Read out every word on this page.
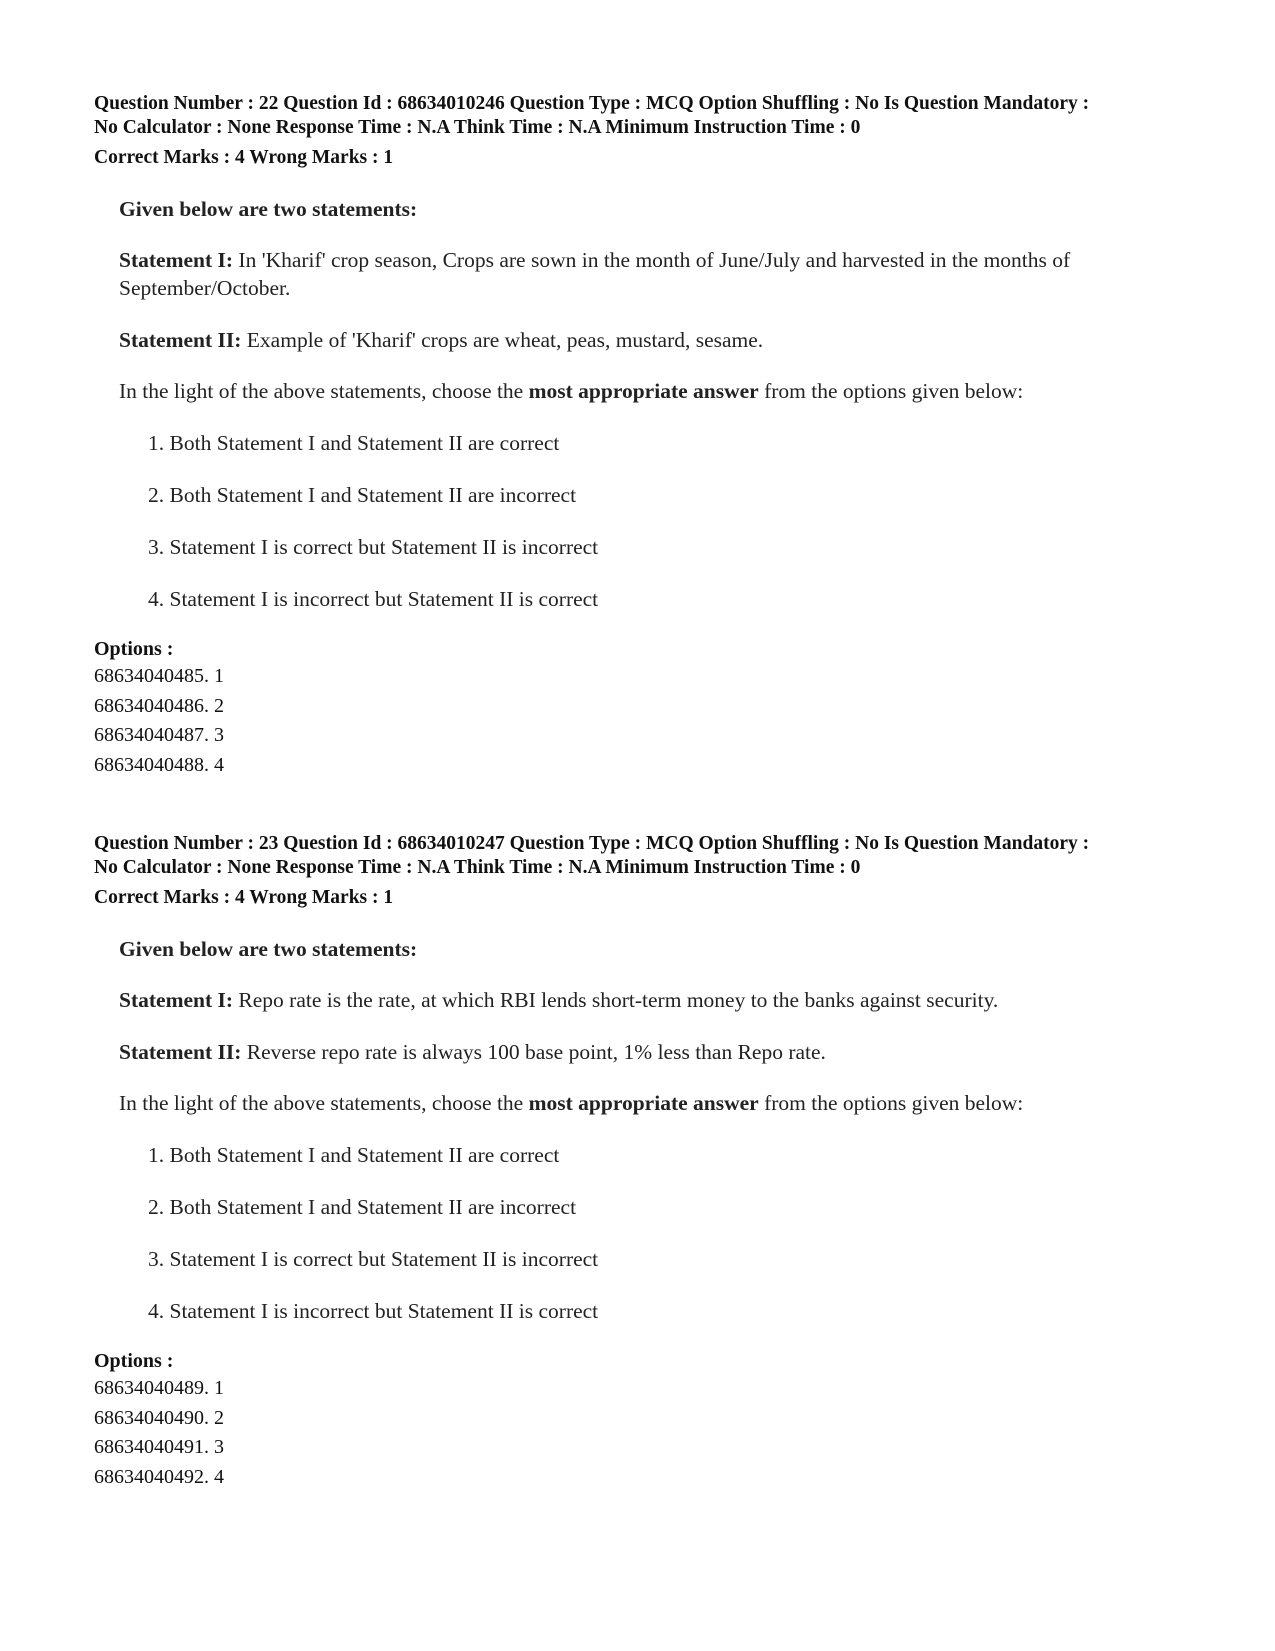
Question Number : 22 Question Id : 68634010246 Question Type : MCQ Option Shuffling : No Is Question Mandatory :
No Calculator : None Response Time : N.A Think Time : N.A Minimum Instruction Time : 0
Correct Marks : 4 Wrong Marks : 1
Given below are two statements:
Statement I: In 'Kharif' crop season, Crops are sown in the month of June/July and harvested in the months of September/October.
Statement II: Example of 'Kharif' crops are wheat, peas, mustard, sesame.
In the light of the above statements, choose the most appropriate answer from the options given below:
1. Both Statement I and Statement II are correct
2. Both Statement I and Statement II are incorrect
3. Statement I is correct but Statement II is incorrect
4. Statement I is incorrect but Statement II is correct
Options :
68634040485. 1
68634040486. 2
68634040487. 3
68634040488. 4
Question Number : 23 Question Id : 68634010247 Question Type : MCQ Option Shuffling : No Is Question Mandatory :
No Calculator : None Response Time : N.A Think Time : N.A Minimum Instruction Time : 0
Correct Marks : 4 Wrong Marks : 1
Given below are two statements:
Statement I: Repo rate is the rate, at which RBI lends short-term money to the banks against security.
Statement II: Reverse repo rate is always 100 base point, 1% less than Repo rate.
In the light of the above statements, choose the most appropriate answer from the options given below:
1. Both Statement I and Statement II are correct
2. Both Statement I and Statement II are incorrect
3. Statement I is correct but Statement II is incorrect
4. Statement I is incorrect but Statement II is correct
Options :
68634040489. 1
68634040490. 2
68634040491. 3
68634040492. 4
